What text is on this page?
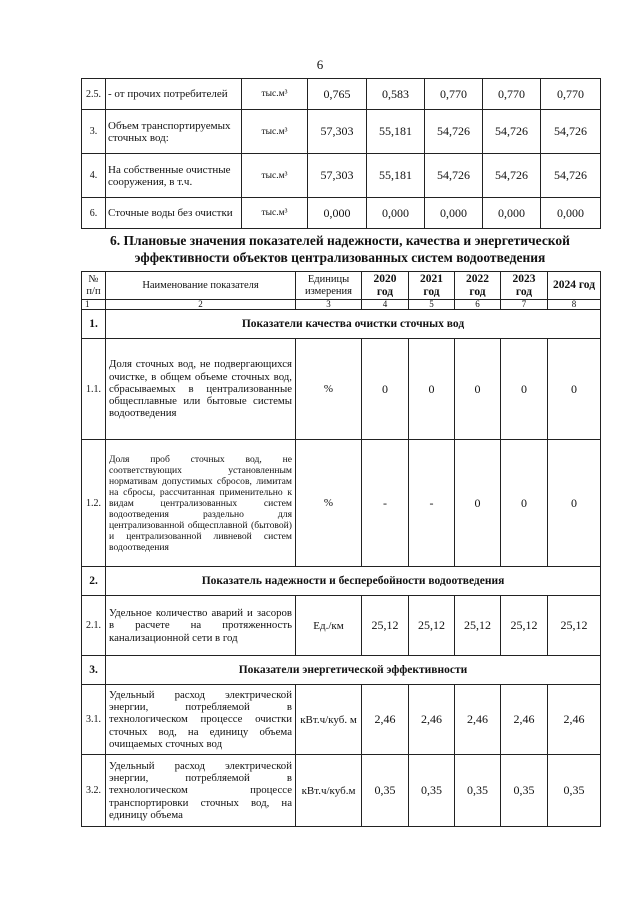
6
2.5.	- от прочих потребителей	тыс.м³	0,765	0,583	0,770	0,770	0,770
3.	Объем транспортируемых сточных вод:	тыс.м³	57,303	55,181	54,726	54,726	54,726
4.	На собственные очистные сооружения, в т.ч.	тыс.м³	57,303	55,181	54,726	54,726	54,726
6.	Сточные воды без очистки	тыс.м³	0,000	0,000	0,000	0,000	0,000
6. Плановые значения показателей надежности, качества и энергетической эффективности объектов централизованных систем водоотведения
№ п/п	Наименование показателя	Единицы измерения	2020 год	2021 год	2022 год	2023 год	2024 год
1	2	3	4	5	6	7	8
1.	Показатели качества очистки сточных вод						
1.1.	Доля сточных вод, не подвергающихся очистке, в общем объеме сточных вод, сбрасываемых в централизованные общесплавные или бытовые системы водоотведения	%	0	0	0	0	0
1.2.	Доля проб сточных вод, не соответствующих установленным нормативам допустимых сбросов, лимитам на сбросы, рассчитанная применительно к видам централизованных систем водоотведения раздельно для централизованной общесплавной (бытовой) и централизованной ливневой систем водоотведения	%	-	-	0	0	0
2.	Показатель надежности и бесперебойности водоотведения						
2.1.	Удельное количество аварий и засоров в расчете на протяженность канализационной сети в год	Ед./км	25,12	25,12	25,12	25,12	25,12
3.	Показатели энергетической эффективности						
3.1.	Удельный расход электрической энергии, потребляемой в технологическом процессе очистки сточных вод, на единицу объема очищаемых сточных вод	кВт.ч/куб. м	2,46	2,46	2,46	2,46	2,46
3.2.	Удельный расход электрической энергии, потребляемой в технологическом процессе транспортировки сточных вод, на единицу объема	кВт.ч/куб.м	0,35	0,35	0,35	0,35	0,35
